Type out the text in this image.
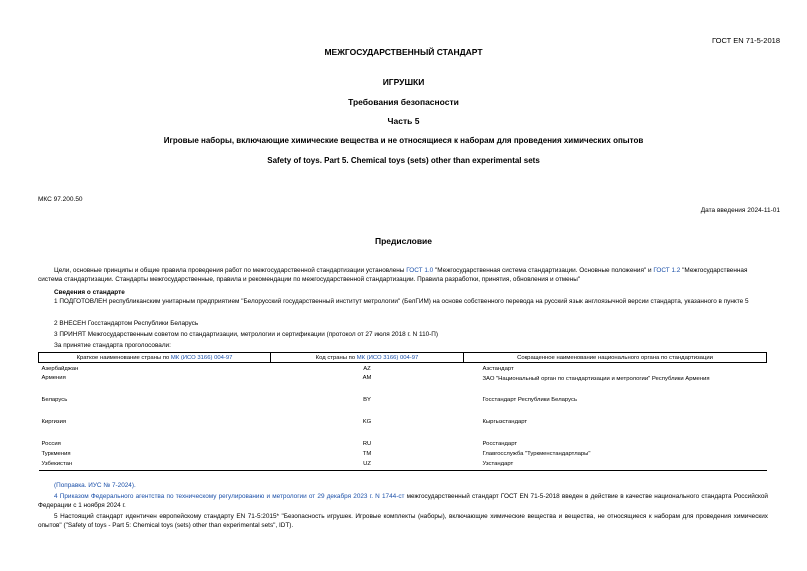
ГОСТ EN 71-5-2018
МЕЖГОСУДАРСТВЕННЫЙ СТАНДАРТ
ИГРУШКИ
Требования безопасности
Часть 5
Игровые наборы, включающие химические вещества и не относящиеся к наборам для проведения химических опытов
Safety of toys. Part 5. Chemical toys (sets) other than experimental sets
МКС 97.200.50
Дата введения 2024-11-01
Предисловие
Цели, основные принципы и общие правила проведения работ по межгосударственной стандартизации установлены ГОСТ 1.0 "Межгосударственная система стандартизации. Основные положения" и ГОСТ 1.2 "Межгосударственная система стандартизации. Стандарты межгосударственные, правила и рекомендации по межгосударственной стандартизации. Правила разработки, принятия, обновления и отмены"
Сведения о стандарте
1 ПОДГОТОВЛЕН республиканским унитарным предприятием "Белорусский государственный институт метрологии" (БелГИМ) на основе собственного перевода на русский язык англоязычной версии стандарта, указанного в пункте 5
2 ВНЕСЕН Госстандартом Республики Беларусь
3 ПРИНЯТ Межгосударственным советом по стандартизации, метрологии и сертификации (протокол от 27 июля 2018 г. N 110-П)
За принятие стандарта проголосовали:
Краткое наименование страны по МК (ИСО 3166) 004-97	Код страны по МК (ИСО 3166) 004-97	Сокращенное наименование национального органа по стандартизации
Азербайджан	AZ	Азстандарт
Армения	AM	ЗАО "Национальный орган по стандартизации и метрологии" Республики Армения
Беларусь	BY	Госстандарт Республики Беларусь
Киргизия	KG	Кыргызстандарт
Россия	RU	Росстандарт
Туркмения	TM	Главгосслужба "Туркменстандартлары"
Узбекистан	UZ	Узстандарт
(Поправка. ИУС № 7-2024).
4 Приказом Федерального агентства по техническому регулированию и метрологии от 29 декабря 2023 г. N 1744-ст межгосударственный стандарт ГОСТ EN 71-5-2018 введен в действие в качестве национального стандарта Российской Федерации с 1 ноября 2024 г.
5 Настоящий стандарт идентичен европейскому стандарту EN 71-5:2015* "Безопасность игрушек. Игровые комплекты (наборы), включающие химические вещества и вещества, не относящиеся к наборам для проведения химических опытов" ("Safety of toys - Part 5: Chemical toys (sets) other than experimental sets", IDT).
